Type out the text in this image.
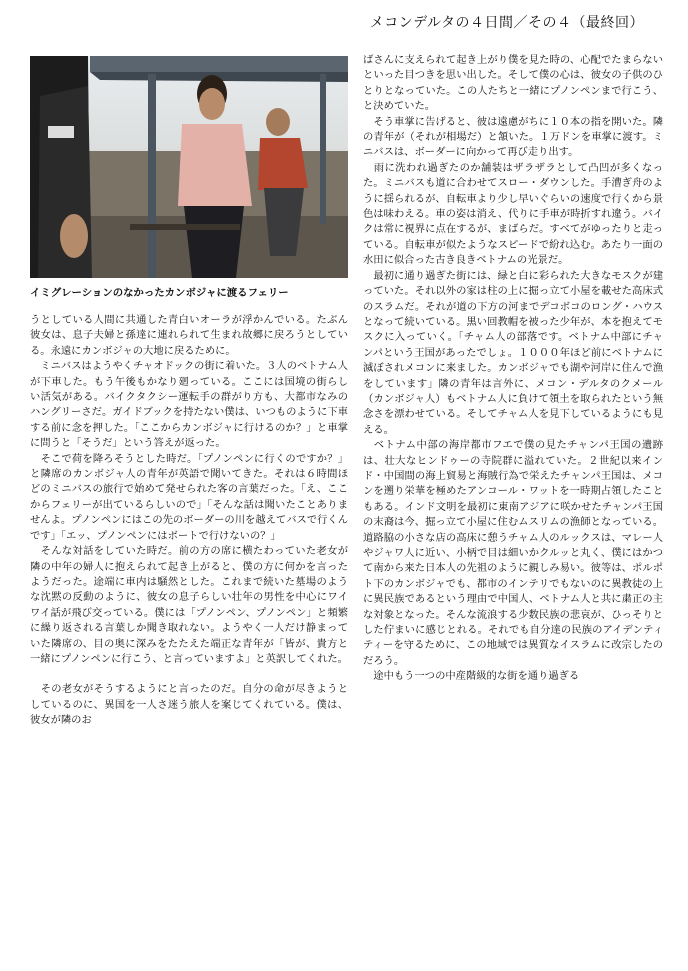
メコンデルタの４日間／その４（最終回）
イミグレーションのなかったカンボジャに渡るフェリー

うとしている人間に共通した青白いオーラが浮かんでいる。たぶん彼女は、息子夫婦と孫達に連れられて生まれ故郷に戻ろうとしている。永遠にカンボジャの大地に戻るために。

　ミニバスはようやくチャオドックの街に着いた。３人のベトナム人が下車した。もう午後もかなり廻っている。ここには国境の街らしい活気がある。バイクタクシー運転手の群がり方も、大都市なみのハングリーさだ。ガイドブックを持たない僕は、いつものように下車する前に念を押した。「ここからカンボジャに行けるのか？」と車掌に問うと「そうだ」という答えが返った。

　そこで荷を降ろそうとした時だ。「プノンペンに行くのですか？」と隣席のカンボジャ人の青年が英語で聞いてきた。それは６時間ほどのミニバスの旅行で始めて発せられた客の言葉だった。「え、ここからフェリーが出ているらしいので」「そんな話は聞いたことありませんよ。プノンペンにはこの先のボーダーの川を越えてバスで行くんです」「エッ、プノンペンにはボートで行けないの？」

　そんな対話をしていた時だ。前の方の席に横たわっていた老女が隣の中年の婦人に抱えられて起き上がると、僕の方に何かを言ったようだった。途端に車内は騒然とした。これまで続いた墓場のような沈黙の反動のように、彼女の息子らしい壮年の男性を中心にワイワイ話が飛び交っている。僕には「プノンペン、プノンペン」と頻繁に繰り返される言葉しか聞き取れない。ようやく一人だけ静まっていた隣席の、目の奥に深みをたたえた端正な青年が「皆が、貴方と一緒にプノンペンに行こう、と言っていますよ」と英訳してくれた。

　その老女がそうするようにと言ったのだ。自分の命が尽きようとしているのに、異国を一人さ迷う旅人を案じてくれている。僕は、彼女が隣のお

ばさんに支えられて起き上がり僕を見た時の、心配でたまらないといった目つきを思い出した。そして僕の心は、彼女の子供のひとりとなっていた。この人たちと一緒にプノンペンまで行こう、と決めていた。

　そう車掌に告げると、彼は遠慮がちに１０本の指を開いた。隣の青年が（それが相場だ）と頷いた。１万ドンを車掌に渡す。ミニバスは、ボーダーに向かって再び走り出す。

　雨に洗われ過ぎたのか舗装はザラザラとして凸凹が多くなった。ミニバスも道に合わせてスロー・ダウンした。手漕ぎ舟のように揺られるが、自転車より少し早いぐらいの速度で行くから景色は味わえる。車の姿は消え、代りに手車が時折すれ違う。バイクは常に視界に点在するが、まばらだ。すべてがゆったりと走っている。自転車が似たようなスピードで紛れ込む。あたり一面の水田に似合った古き良きベトナムの光景だ。

　最初に通り過ぎた街には、緑と白に彩られた大きなモスクが建っていた。それ以外の家は柱の上に掘っ立て小屋を載せた高床式のスラムだ。それが道の下方の河までデコボコのロング・ハウスとなって続いている。黒い回教帽を被った少年が、本を抱えてモスクに入っていく。「チャム人の部落です。ベトナム中部にチャンパという王国があったでしょ。１０００年ほど前にベトナムに滅ぼされメコンに来ました。カンボジャでも湖や河岸に住んで漁をしています」隣の青年は言外に、メコン・デルタのクメール（カンボジャ人）もベトナム人に負けて領土を取られたという無念さを漂わせている。そしてチャム人を見下しているようにも見える。

　ベトナム中部の海岸都市フエで僕の見たチャンパ王国の遺跡は、壮大なヒンドゥーの寺院群に溢れていた。２世紀以来インド・中国間の海上貿易と海賊行為で栄えたチャンパ王国は、メコンを遡り栄華を極めたアンコール・ワットを一時期占領したこともある。インド文明を最初に東南アジアに咲かせたチャンパ王国の末裔は今、掘っ立て小屋に住むムスリムの漁師となっている。道路脇の小さな店の高床に憩うチャム人のルックスは、マレー人やジャワ人に近い、小柄で目は細いかクルッと丸く、僕にはかつて南から来た日本人の先祖のように親しみ易い。彼等は、ポルポト下のカンボジャでも、都市のインテリでもないのに異教徒の上に異民族であるという理由で中国人、ベトナム人と共に粛正の主な対象となった。そんな流浪する少数民族の悲哀が、ひっそりとした佇まいに感じとれる。それでも自分達の民族のアイデンティティーを守るために、この地域では異質なイスラムに改宗したのだろう。

　途中もう一つの中産階級的な街を通り過ぎる
